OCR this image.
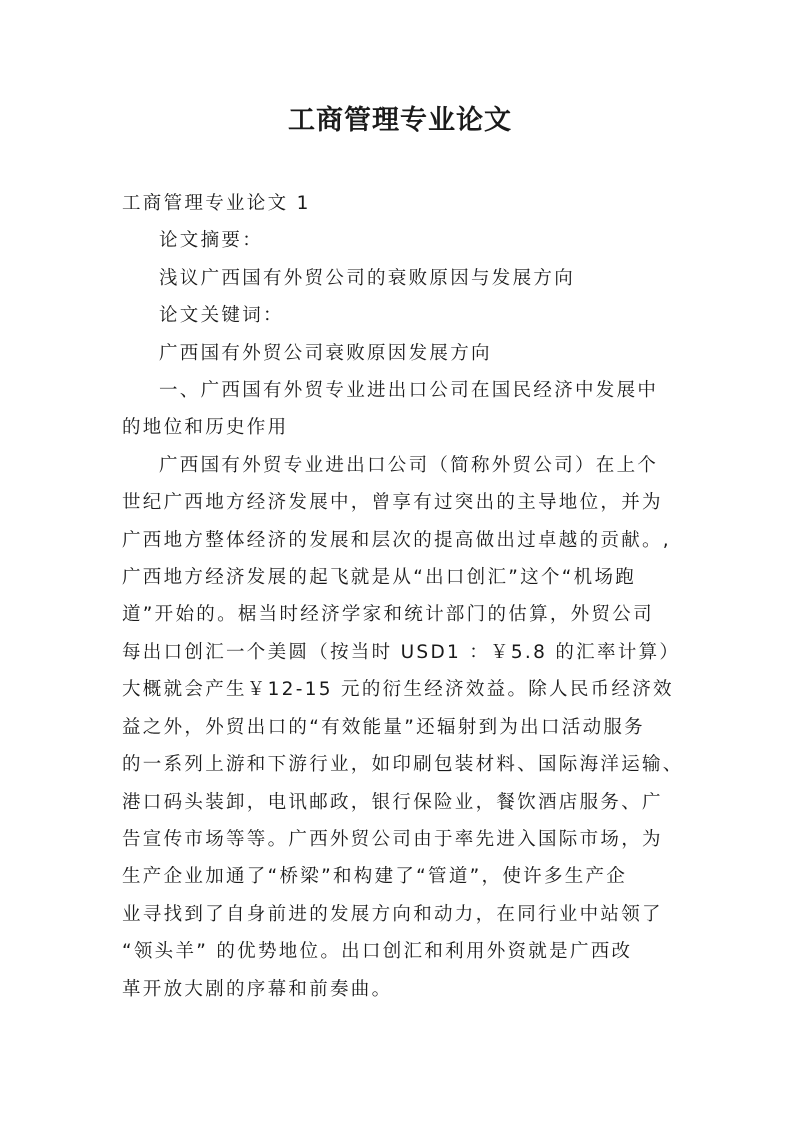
工商管理专业论文

工商管理专业论文 1

论文摘要：

浅议广西国有外贸公司的衰败原因与发展方向

论文关键词：

广西国有外贸公司衰败原因发展方向

一、广西国有外贸专业进出口公司在国民经济中发展中
的地位和历史作用

广西国有外贸专业进出口公司（简称外贸公司）在上个
世纪广西地方经济发展中，曾享有过突出的主导地位，并为
广西地方整体经济的发展和层次的提高做出过卓越的贡献。,
广西地方经济发展的起飞就是从“出口创汇”这个“机场跑
道”开始的。椐当时经济学家和统计部门的估算，外贸公司
每出口创汇一个美圆（按当时 USD1 ：￥5.8 的汇率计算）
大概就会产生￥12-15 元的衍生经济效益。除人民币经济效
益之外，外贸出口的“有效能量”还辐射到为出口活动服务
的一系列上游和下游行业，如印刷包装材料、国际海洋运输、
港口码头装卸，电讯邮政，银行保险业，餐饮酒店服务、广
告宣传市场等等。广西外贸公司由于率先进入国际市场，为
生产企业加通了“桥梁”和构建了“管道”，使许多生产企
业寻找到了自身前进的发展方向和动力，在同行业中站领了
“领头羊” 的优势地位。出口创汇和利用外资就是广西改
革开放大剧的序幕和前奏曲。
